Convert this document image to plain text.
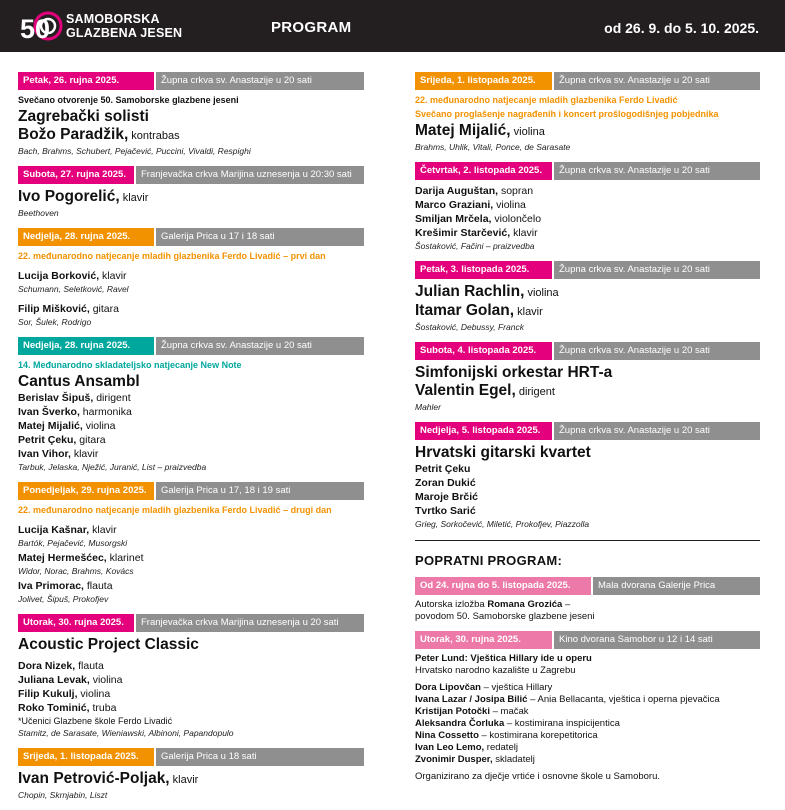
50 SAMOBORSKA
GLAZBENA JESEN	PROGRAM	od 26. 9. do 5. 10. 2025.
Petak, 26. rujna 2025.	Župna crkva sv. Anastazije u 20 sati
Svečano otvorenje 50. Samoborske glazbene jeseni
Zagrebački solisti
Božo Paradžik, kontrabas
Bach, Brahms, Schubert, Pejačević, Puccini, Vivaldi, Respighi
Subota, 27. rujna 2025.	Franjevačka crkva Marijina uznesenja u 20:30 sati
Ivo Pogorelić, klavir
Beethoven
Nedjelja, 28. rujna 2025.	Galerija Prica u 17 i 18 sati
22. međunarodno natjecanje mladih glazbenika Ferdo Livadić – prvi dan
Lucija Borković, klavir
Schumann, Seletković, Ravel
Filip Mišković, gitara
Sor, Šulek, Rodrigo
Nedjelja, 28. rujna 2025.	Župna crkva sv. Anastazije u 20 sati
14. Međunarodno skladateljsko natjecanje New Note
Cantus Ansambl
Berislav Šipuš, dirigent
Ivan Šverko, harmonika
Matej Mijalić, violina
Petrit Çeku, gitara
Ivan Vihor, klavir
Tarbuk, Jelaska, Nježić, Juranić, List – praizvedba
Ponedjeljak, 29. rujna 2025.	Galerija Prica u 17, 18 i 19 sati
22. međunarodno natjecanje mladih glazbenika Ferdo Livadić – drugi dan
Lucija Kašnar, klavir
Bartók, Pejačević, Musorgski
Matej Hermešćec, klarinet
Widor, Norac, Brahms, Kovács
Iva Primorac, flauta
Jolivet, Šipuš, Prokofjev
Utorak, 30. rujna 2025.	Franjevačka crkva Marijina uznesenja u 20 sati
Acoustic Project Classic
Dora Nizek, flauta
Juliana Levak, violina
Filip Kukulj, violina
Roko Tominić, truba
*Učenici Glazbene škole Ferdo Livadić
Stamitz, de Sarasate, Wieniawski, Albinoni, Papandopulo
Srijeda, 1. listopada 2025.	Galerija Prica u 18 sati
Ivan Petrović-Poljak, klavir
Chopin, Skrnjabin, Liszt
Srijeda, 1. listopada 2025.	Župna crkva sv. Anastazije u 20 sati
22. međunarodno natjecanje mladih glazbenika Ferdo Livadić
Svečano proglašenje nagrađenih i koncert prošlogodišnjeg pobjednika
Matej Mijalić, violina
Brahms, Uhlik, Vitali, Ponce, de Sarasate
Četvrtak, 2. listopada 2025.	Župna crkva sv. Anastazije u 20 sati
Darija Auguštan, sopran
Marco Graziani, violina
Smiljan Mrčela, violončelo
Krešimir Starčević, klavir
Šostaković, Fačini – praizvedba
Petak, 3. listopada 2025.	Župna crkva sv. Anastazije u 20 sati
Julian Rachlin, violina
Itamar Golan, klavir
Šostaković, Debussy, Franck
Subota, 4. listopada 2025.	Župna crkva sv. Anastazije u 20 sati
Simfonijski orkestar HRT-a
Valentin Egel, dirigent
Mahler
Nedjelja, 5. listopada 2025.	Župna crkva sv. Anastazije u 20 sati
Hrvatski gitarski kvartet
Petrit Çeku
Zoran Dukić
Maroje Brčić
Tvrtko Sarić
Grieg, Sorkočević, Miletić, Prokofjev, Piazzolla
POPRATNI PROGRAM:
Od 24. rujna do 5. listopada 2025.	Mala dvorana Galerije Prica
Autorska izložba Romana Grozića –
povodom 50. Samoborske glazbene jeseni
Utorak, 30. rujna 2025.	Kino dvorana Samobor u 12 i 14 sati
Peter Lund: Vještica Hillary ide u operu
Hrvatsko narodno kazalište u Zagrebu
Dora Lipovčan – vještica Hillary
Ivana Lazar / Josipa Bilić – Ania Bellacanta, vještica i operna pjevačica
Kristijan Potočki – mačak
Aleksandra Čorluka – kostimirana inspicijentica
Nina Cossetto – kostimirana korepetitorica
Ivan Leo Lemo, redatelj
Zvonimir Dusper, skladatelj
Organizirano za dječje vrtiće i osnovne škole u Samoboru.
